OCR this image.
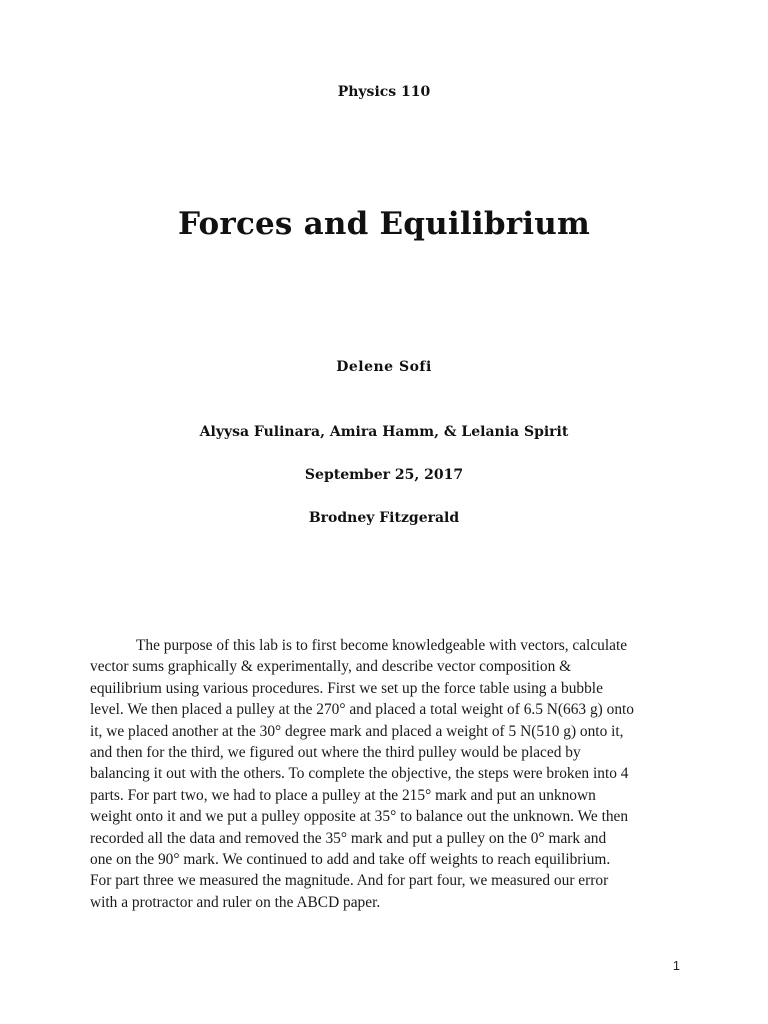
Physics 110
Forces and Equilibrium
Delene Sofi
Alyysa Fulinara, Amira Hamm, & Lelania Spirit
September 25, 2017
Brodney Fitzgerald
The purpose of this lab is to first become knowledgeable with vectors, calculate
vector sums graphically & experimentally, and describe vector composition &
equilibrium using various procedures. First we set up the force table using a bubble
level. We then placed a pulley at the 270° and placed a total weight of 6.5 N(663 g) onto
it, we placed another at the 30° degree mark and placed a weight of 5 N(510 g) onto it,
and then for the third, we figured out where the third pulley would be placed by
balancing it out with the others. To complete the objective, the steps were broken into 4
parts. For part two, we had to place a pulley at the 215° mark and put an unknown
weight onto it and we put a pulley opposite at 35° to balance out the unknown. We then
recorded all the data and removed the 35° mark and put a pulley on the 0° mark and
one on the 90° mark. We continued to add and take off weights to reach equilibrium.
For part three we measured the magnitude. And for part four, we measured our error
with a protractor and ruler on the ABCD paper.
1
